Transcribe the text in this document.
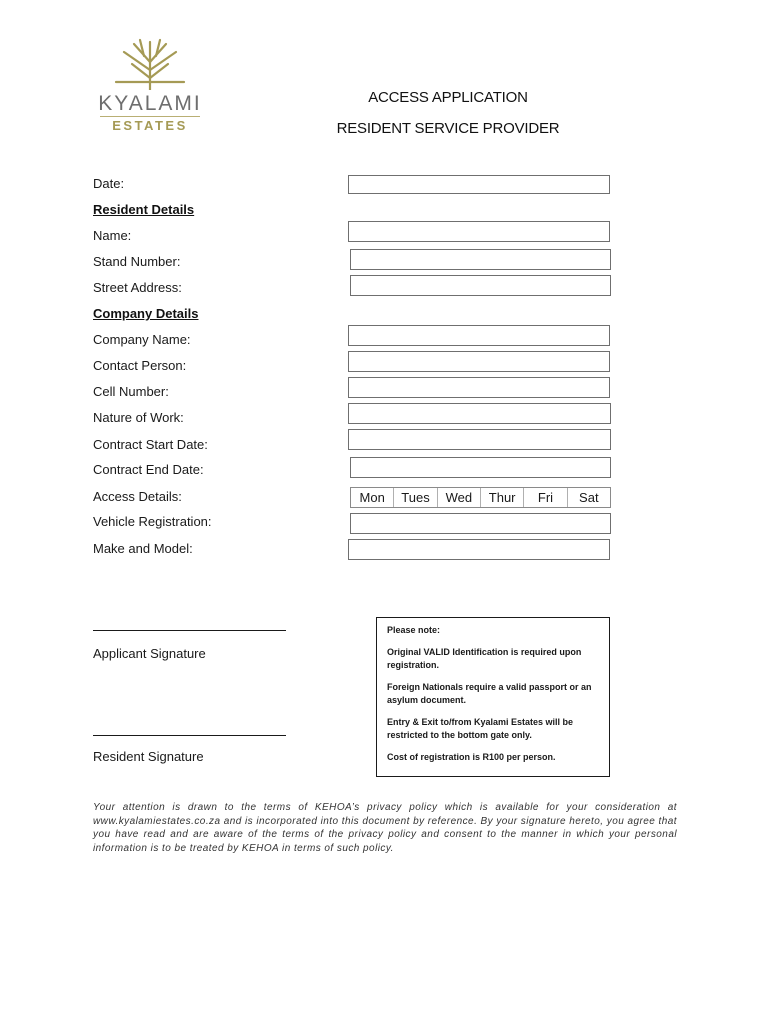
KYALAMI
ESTATES
ACCESS APPLICATION
RESIDENT SERVICE PROVIDER
Date:
Resident Details
Name:
Stand Number:
Street Address:
Company Details
Company Name:
Contact Person:
Cell Number:
Nature of Work:
Contract Start Date:
Contract End Date:
Access Details:	Mon	Tues	Wed	Thur	Fri	Sat
Vehicle Registration:
Make and Model:
Applicant Signature
Resident Signature

Please note:

Original VALID Identification is required upon registration.

Foreign Nationals require a valid passport or an asylum document.

Entry & Exit to/from Kyalami Estates will be restricted to the bottom gate only.

Cost of registration is R100 per person.

Your attention is drawn to the terms of KEHOA’s privacy policy which is available for your consideration at www.kyalamiestates.co.za and is incorporated into this document by reference. By your signature hereto, you agree that you have read and are aware of the terms of the privacy policy and consent to the manner in which your personal information is to be treated by KEHOA in terms of such policy.
